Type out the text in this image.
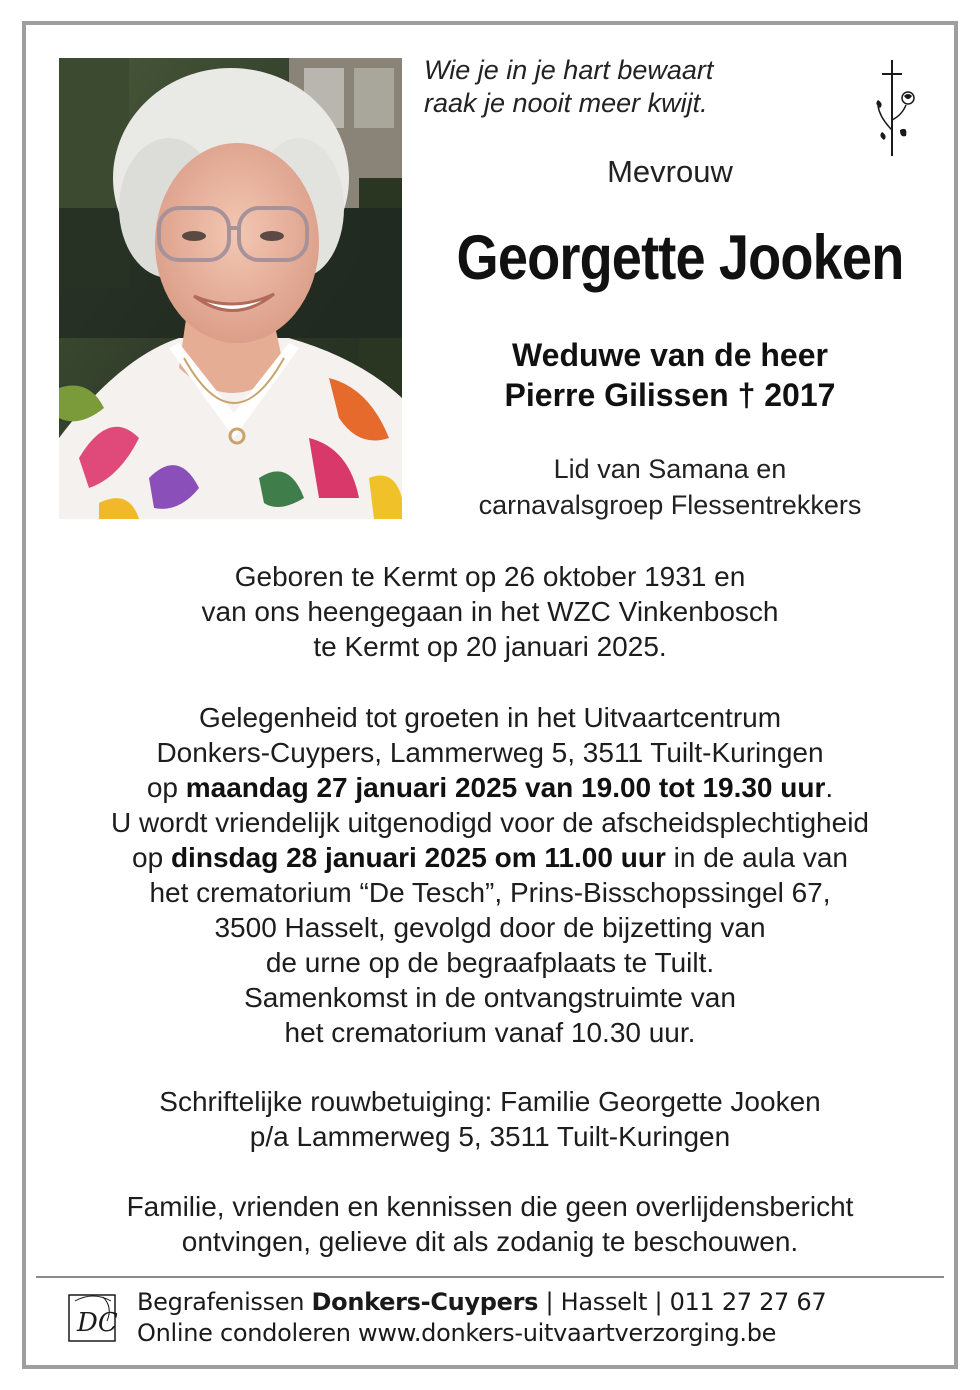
Wie je in je hart bewaart
raak je nooit meer kwijt.
Mevrouw
Georgette Jooken
Weduwe van de heer
Pierre Gilissen † 2017
Lid van Samana en
carnavalsgroep Flessentrekkers
Geboren te Kermt op 26 oktober 1931 en
van ons heengegaan in het WZC Vinkenbosch
te Kermt op 20 januari 2025.
Gelegenheid tot groeten in het Uitvaartcentrum
Donkers-Cuypers, Lammerweg 5, 3511 Tuilt-Kuringen
op maandag 27 januari 2025 van 19.00 tot 19.30 uur.
U wordt vriendelijk uitgenodigd voor de afscheidsplechtigheid
op dinsdag 28 januari 2025 om 11.00 uur in de aula van
het crematorium “De Tesch”, Prins-Bisschopssingel 67,
3500 Hasselt, gevolgd door de bijzetting van
de urne op de begraafplaats te Tuilt.
Samenkomst in de ontvangstruimte van
het crematorium vanaf 10.30 uur.
Schriftelijke rouwbetuiging: Familie Georgette Jooken
p/a Lammerweg 5, 3511 Tuilt-Kuringen
Familie, vrienden en kennissen die geen overlijdensbericht
ontvingen, gelieve dit als zodanig te beschouwen.
DC
Begrafenissen Donkers-Cuypers | Hasselt | 011 27 27 67
Online condoleren www.donkers-uitvaartverzorging.be
